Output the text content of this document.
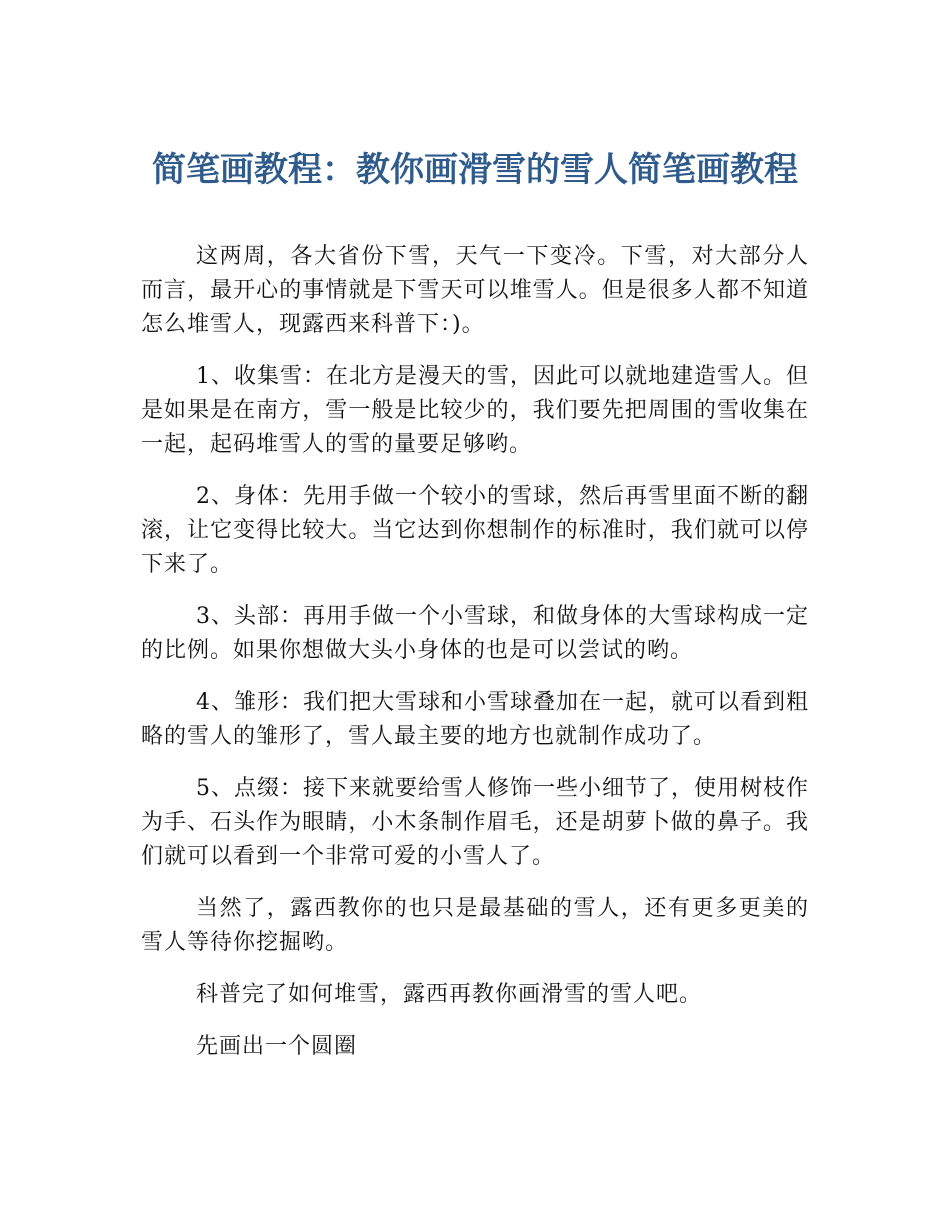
简笔画教程：教你画滑雪的雪人简笔画教程

这两周，各大省份下雪，天气一下变冷。下雪，对大部分人而言，最开心的事情就是下雪天可以堆雪人。但是很多人都不知道怎么堆雪人，现露西来科普下：)。

1、收集雪：在北方是漫天的雪，因此可以就地建造雪人。但是如果是在南方，雪一般是比较少的，我们要先把周围的雪收集在一起，起码堆雪人的雪的量要足够哟。

2、身体：先用手做一个较小的雪球，然后再雪里面不断的翻滚，让它变得比较大。当它达到你想制作的标准时，我们就可以停下来了。

3、头部：再用手做一个小雪球，和做身体的大雪球构成一定的比例。如果你想做大头小身体的也是可以尝试的哟。

4、雏形：我们把大雪球和小雪球叠加在一起，就可以看到粗略的雪人的雏形了，雪人最主要的地方也就制作成功了。

5、点缀：接下来就要给雪人修饰一些小细节了，使用树枝作为手、石头作为眼睛，小木条制作眉毛，还是胡萝卜做的鼻子。我们就可以看到一个非常可爱的小雪人了。

当然了，露西教你的也只是最基础的雪人，还有更多更美的雪人等待你挖掘哟。

科普完了如何堆雪，露西再教你画滑雪的雪人吧。

先画出一个圆圈
